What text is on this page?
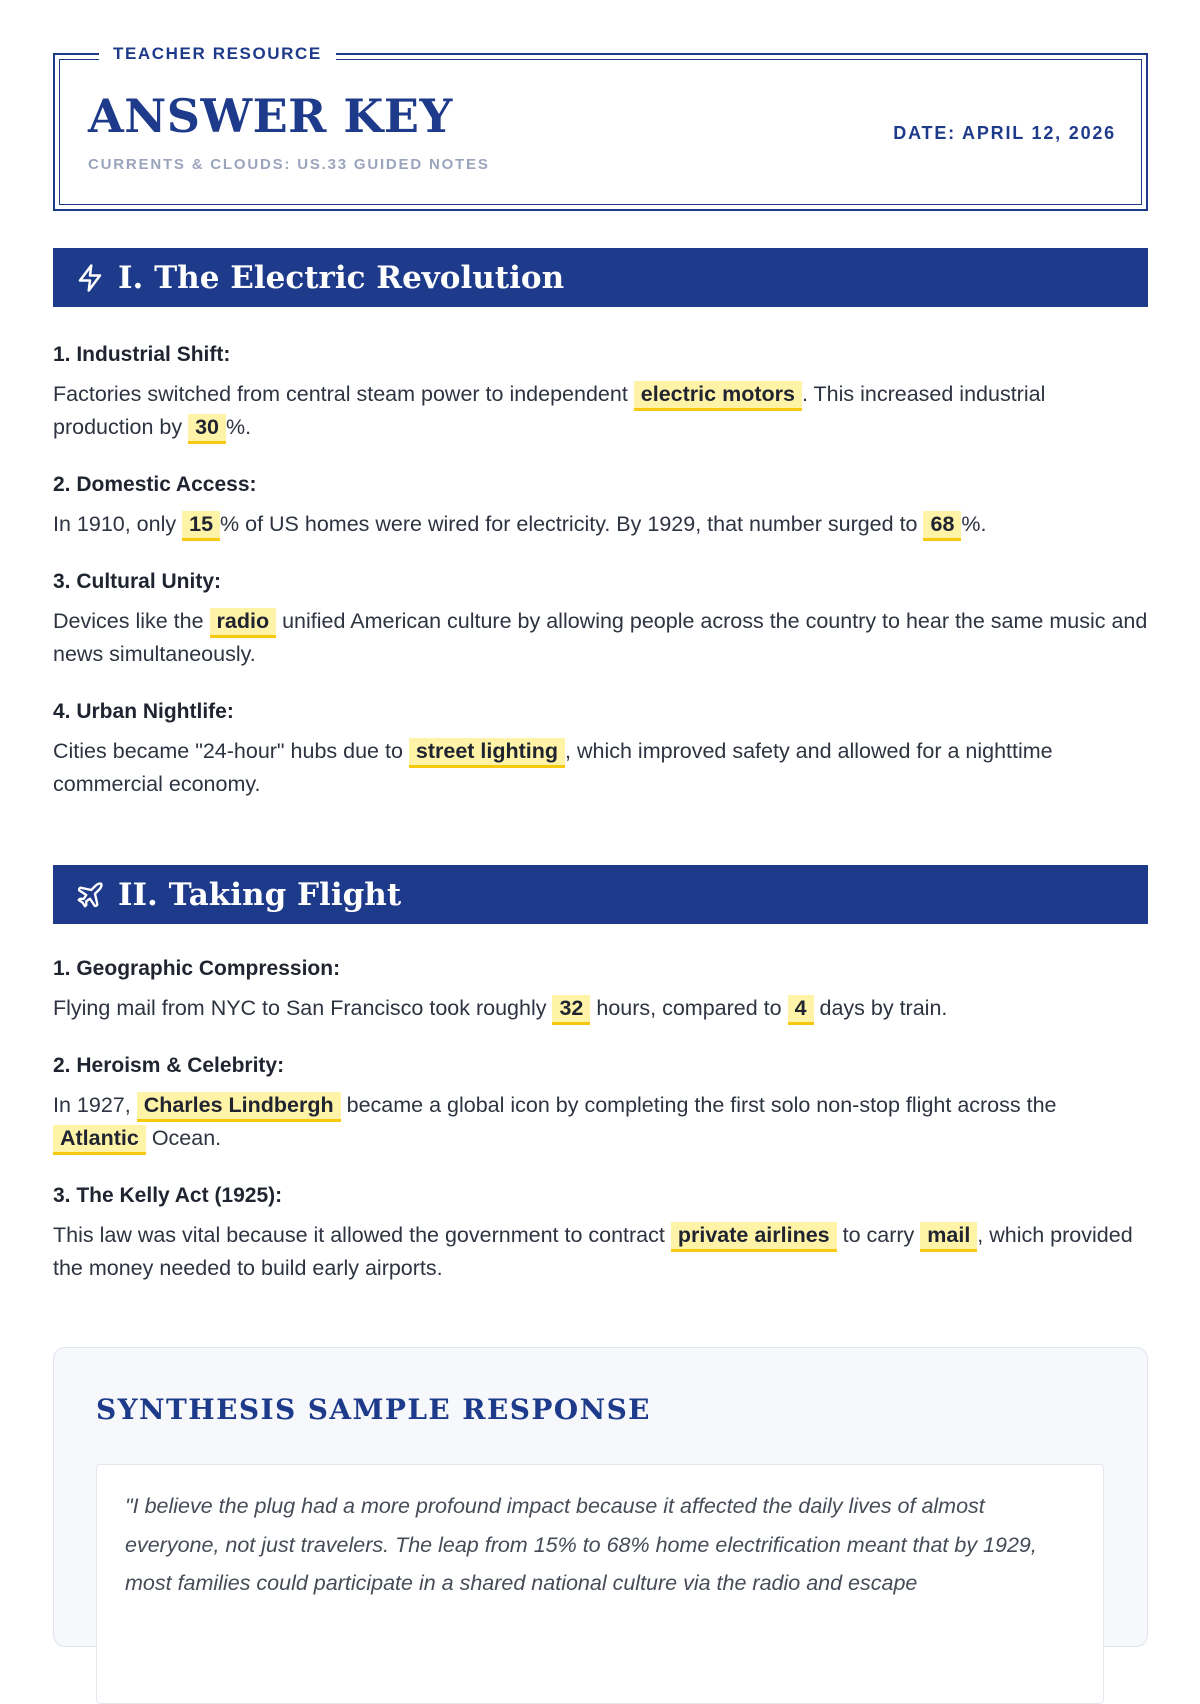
TEACHER RESOURCE
ANSWER KEY
CURRENTS & CLOUDS: US.33 GUIDED NOTES
DATE: APRIL 12, 2026
I. The Electric Revolution
1. Industrial Shift:
Factories switched from central steam power to independent electric motors . This increased industrial production by 30 %.
2. Domestic Access:
In 1910, only 15 % of US homes were wired for electricity. By 1929, that number surged to 68 %.
3. Cultural Unity:
Devices like the radio unified American culture by allowing people across the country to hear the same music and news simultaneously.
4. Urban Nightlife:
Cities became "24-hour" hubs due to street lighting , which improved safety and allowed for a nighttime commercial economy.
II. Taking Flight
1. Geographic Compression:
Flying mail from NYC to San Francisco took roughly 32 hours, compared to 4 days by train.
2. Heroism & Celebrity:
In 1927, Charles Lindbergh became a global icon by completing the first solo non-stop flight across the Atlantic Ocean.
3. The Kelly Act (1925):
This law was vital because it allowed the government to contract private airlines to carry mail , which provided the money needed to build early airports.
SYNTHESIS SAMPLE RESPONSE
"I believe the plug had a more profound impact because it affected the daily lives of almost everyone, not just travelers. The leap from 15% to 68% home electrification meant that by 1929, most families could participate in a shared national culture via the radio and escape
